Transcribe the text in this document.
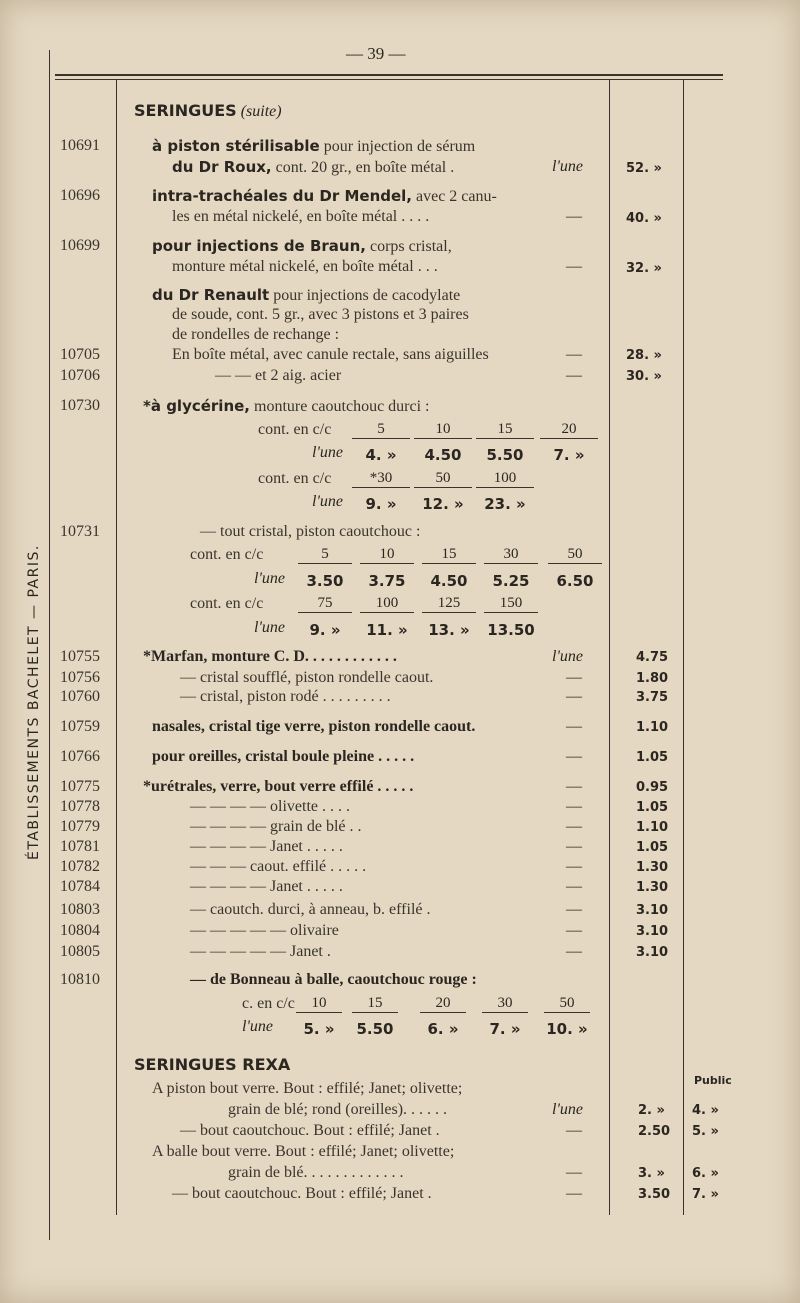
— 39 —
ÉTABLISSEMENTS BACHELET — PARIS.
SERINGUES (suite)
10691	à piston stérilisable pour injection de sérum
du Dr Roux, cont. 20 gr., en boîte métal .	l'une	52. »
10696	intra-trachéales du Dr Mendel, avec 2 canu-
les en métal nickelé, en boîte métal . . . .	—	40. »
10699	pour injections de Braun, corps cristal,
monture métal nickelé, en boîte métal . . .	—	32. »
du Dr Renault pour injections de cacodylate
de soude, cont. 5 gr., avec 3 pistons et 3 paires
de rondelles de rechange :
10705	En boîte métal, avec canule rectale, sans aiguilles	—	28. »
10706	— — et 2 aig. acier	—	30. »
10730	*à glycérine, monture caoutchouc durci :
cont. en c/c	5	10	15	20
l'une	4. »	4.50	5.50	7. »
cont. en c/c	*30	50	100
l'une	9. »	12. »	23. »
10731	— tout cristal, piston caoutchouc :
cont. en c/c	5	10	15	30	50
l'une	3.50	3.75	4.50	5.25	6.50
cont. en c/c	75	100	125	150
l'une	9. »	11. »	13. »	13.50
10755	*Marfan, monture C. D. . . . . . . . . . . .	l'une	4.75
10756	— cristal soufflé, piston rondelle caout.	—	1.80
10760	— cristal, piston rodé . . . . . . . . .	—	3.75
10759	nasales, cristal tige verre, piston rondelle caout.	—	1.10
10766	pour oreilles, cristal boule pleine . . . . .	—	1.05
10775	*urétrales, verre, bout verre effilé . . . . .	—	0.95
10778	— — — — olivette . . . .	—	1.05
10779	— — — — grain de blé . .	—	1.10
10781	— — — — Janet . . . . .	—	1.05
10782	— — — caout. effilé . . . . .	—	1.30
10784	— — — — Janet . . . . .	—	1.30
10803	— caoutch. durci, à anneau, b. effilé .	—	3.10
10804	— — — — — olivaire	—	3.10
10805	— — — — — Janet .	—	3.10
10810	— de Bonneau à balle, caoutchouc rouge :
c. en c/c	10	15	20	30	50
l'une	5. »	5.50	6. »	7. »	10. »
SERINGUES REXA
Public
A piston bout verre. Bout : effilé; Janet; olivette;
grain de blé; rond (oreilles). . . . . .	l'une	2. » 4. »
— bout caoutchouc. Bout : effilé; Janet .	—	2.50 5. »
A balle bout verre. Bout : effilé; Janet; olivette;
grain de blé. . . . . . . . . . . . .	—	3. » 6. »
— bout caoutchouc. Bout : effilé; Janet .	—	3.50 7. »
